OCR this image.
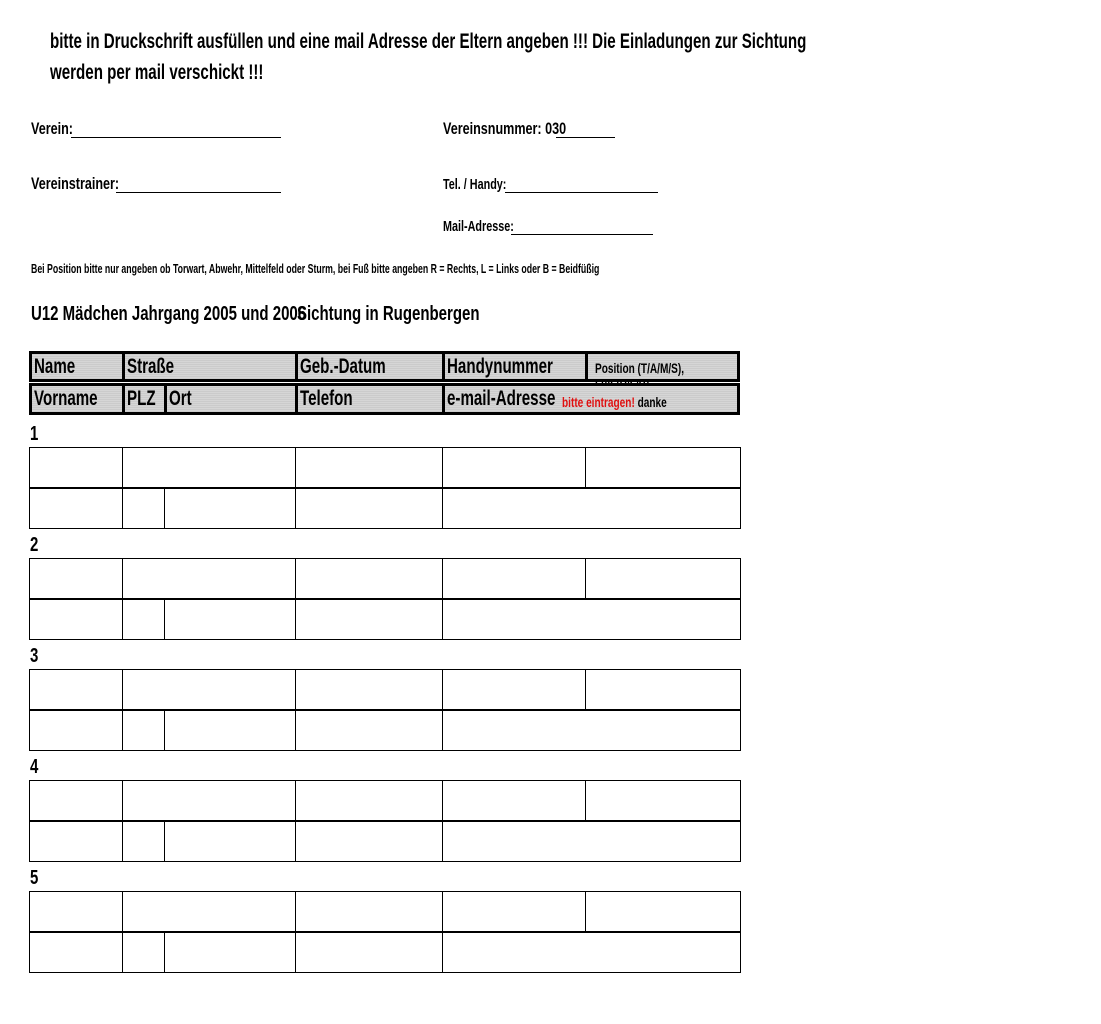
bitte in Druckschrift ausfüllen und eine mail Adresse der Eltern angeben !!! Die Einladungen zur Sichtung
werden per mail verschickt !!!
Verein:	Vereinsnummer: 030
Vereinstrainer:	Tel. / Handy:
Mail-Adresse:
Bei Position bitte nur angeben ob Torwart, Abwehr, Mittelfeld oder Sturm, bei Fuß bitte angeben R = Rechts, L = Links oder B = Beidfüßig
U12 Mädchen Jahrgang 2005 und 2006
Sichtung in Rugenbergen
Name	Straße	Geb.-Datum	Handynummer	Position (T/A/M/S),
Vorname	PLZ Ort	Telefon	e-mail-Adresse bitte eintragen! danke
1
2
3
4
5
